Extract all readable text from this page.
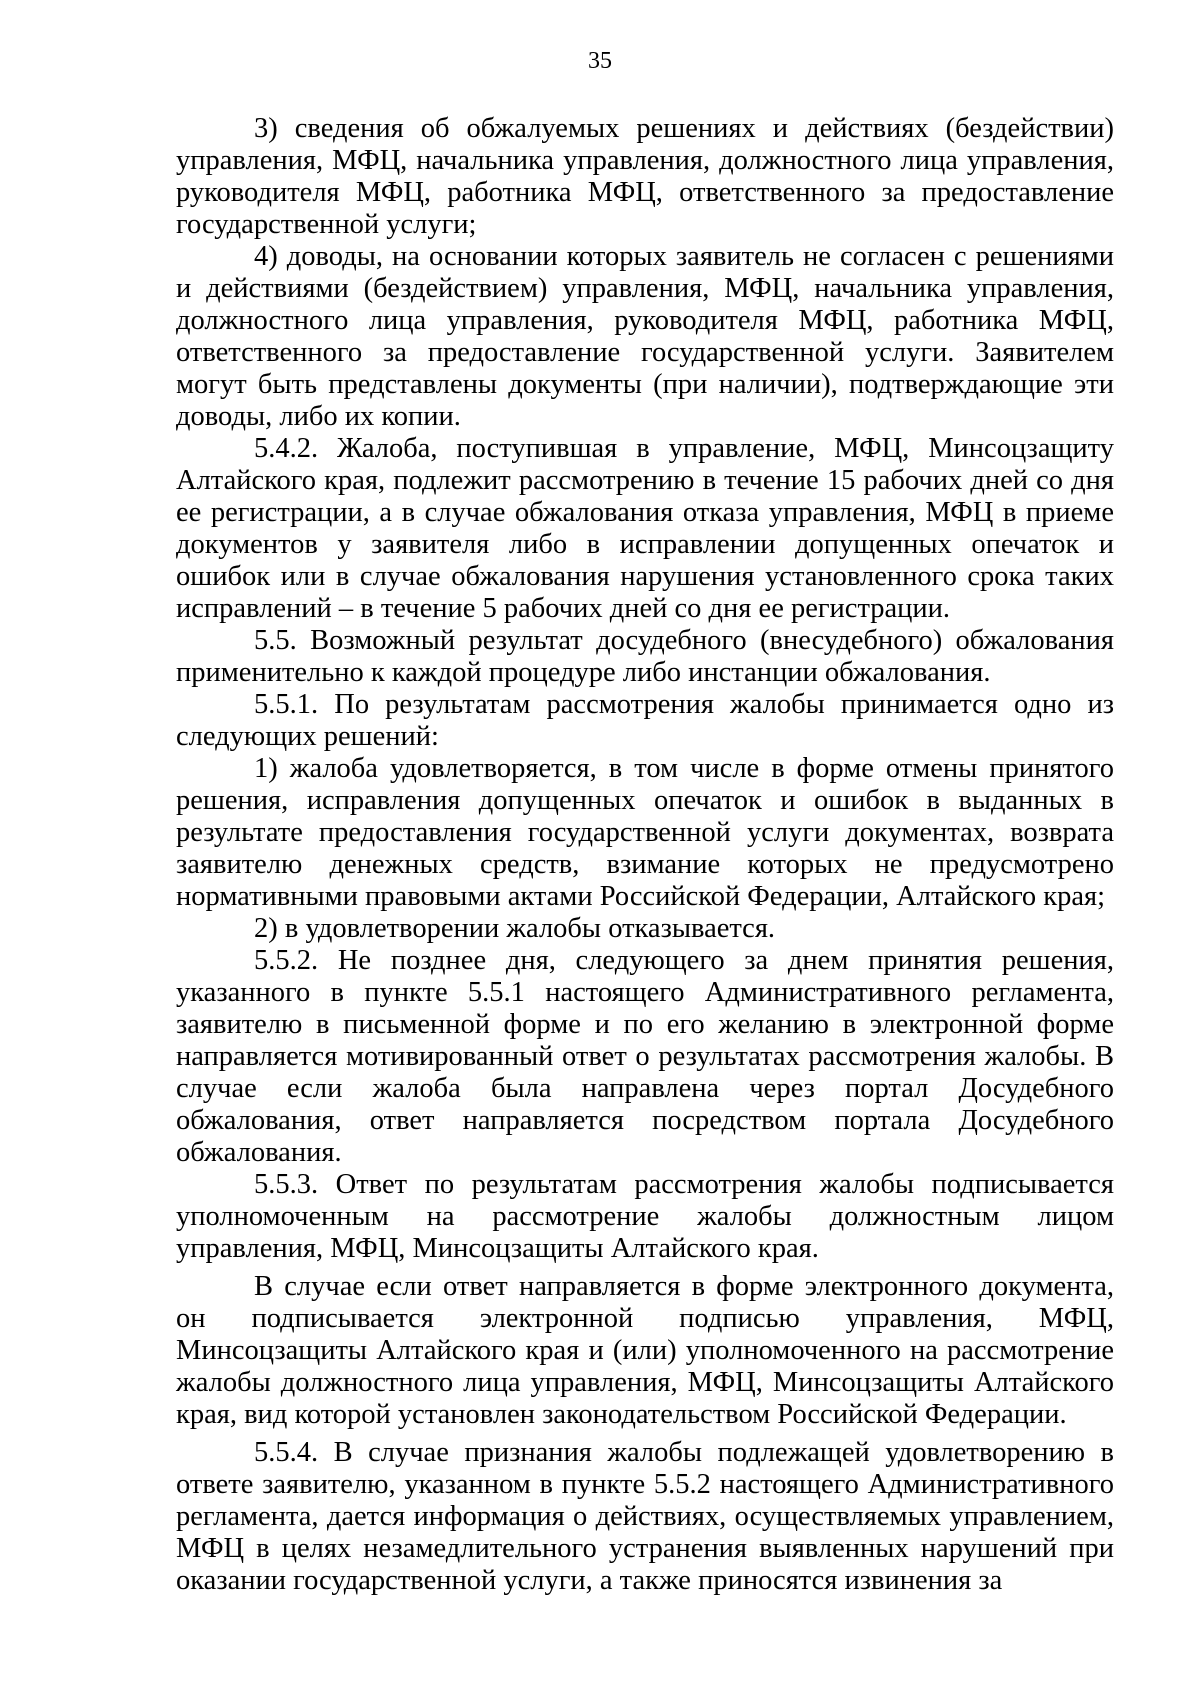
35

3) сведения об обжалуемых решениях и действиях (бездействии) управления, МФЦ, начальника управления, должностного лица управления, руководителя МФЦ, работника МФЦ, ответственного за предоставление государственной услуги;

4) доводы, на основании которых заявитель не согласен с решениями и действиями (бездействием) управления, МФЦ, начальника управления, должностного лица управления, руководителя МФЦ, работника МФЦ, ответственного за предоставление государственной услуги. Заявителем могут быть представлены документы (при наличии), подтверждающие эти доводы, либо их копии.

5.4.2. Жалоба, поступившая в управление, МФЦ, Минсоцзащиту Алтайского края, подлежит рассмотрению в течение 15 рабочих дней со дня ее регистрации, а в случае обжалования отказа управления, МФЦ в приеме документов у заявителя либо в исправлении допущенных опечаток и ошибок или в случае обжалования нарушения установленного срока таких исправлений – в течение 5 рабочих дней со дня ее регистрации.

5.5. Возможный результат досудебного (внесудебного) обжалования применительно к каждой процедуре либо инстанции обжалования.

5.5.1. По результатам рассмотрения жалобы принимается одно из следующих решений:

1) жалоба удовлетворяется, в том числе в форме отмены принятого решения, исправления допущенных опечаток и ошибок в выданных в результате предоставления государственной услуги документах, возврата заявителю денежных средств, взимание которых не предусмотрено нормативными правовыми актами Российской Федерации, Алтайского края;

2) в удовлетворении жалобы отказывается.

5.5.2. Не позднее дня, следующего за днем принятия решения, указанного в пункте 5.5.1 настоящего Административного регламента, заявителю в письменной форме и по его желанию в электронной форме направляется мотивированный ответ о результатах рассмотрения жалобы. В случае если жалоба была направлена через портал Досудебного обжалования, ответ направляется посредством портала Досудебного обжалования.

5.5.3. Ответ по результатам рассмотрения жалобы подписывается уполномоченным на рассмотрение жалобы должностным лицом управления, МФЦ, Минсоцзащиты Алтайского края.

В случае если ответ направляется в форме электронного документа, он подписывается электронной подписью управления, МФЦ, Минсоцзащиты Алтайского края и (или) уполномоченного на рассмотрение жалобы должностного лица управления, МФЦ, Минсоцзащиты Алтайского края, вид которой установлен законодательством Российской Федерации.

5.5.4. В случае признания жалобы подлежащей удовлетворению в ответе заявителю, указанном в пункте 5.5.2 настоящего Административного регламента, дается информация о действиях, осуществляемых управлением, МФЦ в целях незамедлительного устранения выявленных нарушений при оказании государственной услуги, а также приносятся извинения за
